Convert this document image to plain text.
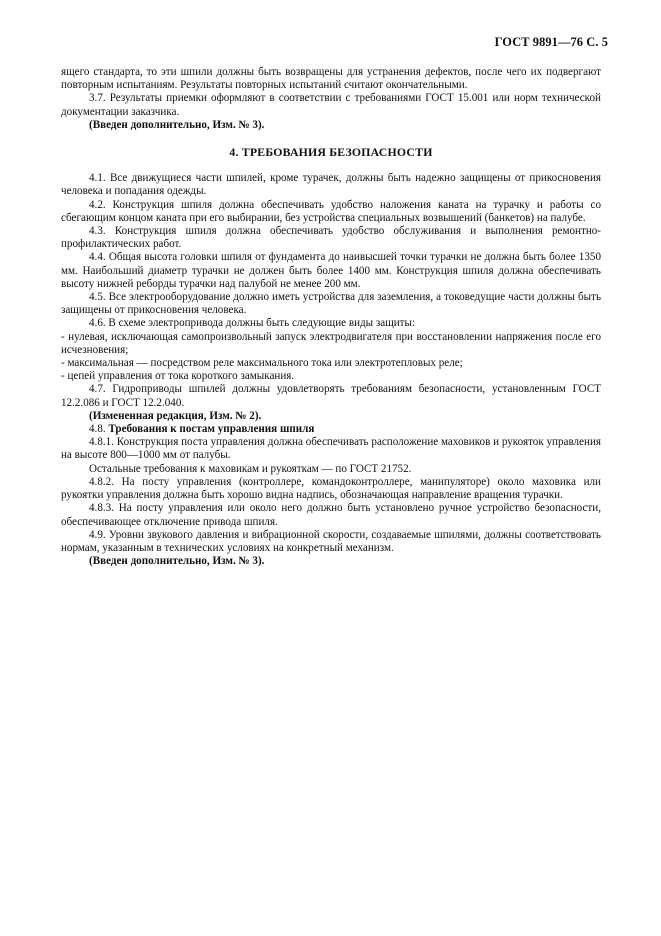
ГОСТ 9891—76 С. 5

ящего стандарта, то эти шпили должны быть возвращены для устранения дефектов, после чего их подвергают повторным испытаниям. Результаты повторных испытаний считают окончательными.

3.7. Результаты приемки оформляют в соответствии с требованиями ГОСТ 15.001 или норм технической документации заказчика.

(Введен дополнительно, Изм. № 3).

4. ТРЕБОВАНИЯ БЕЗОПАСНОСТИ

4.1. Все движущиеся части шпилей, кроме турачек, должны быть надежно защищены от прикосновения человека и попадания одежды.

4.2. Конструкция шпиля должна обеспечивать удобство наложения каната на турачку и работы со сбегающим концом каната при его выбирании, без устройства специальных возвышений (банкетов) на палубе.

4.3. Конструкция шпиля должна обеспечивать удобство обслуживания и выполнения ремонтно-профилактических работ.

4.4. Общая высота головки шпиля от фундамента до наивысшей точки турачки не должна быть более 1350 мм. Наибольший диаметр турачки не должен быть более 1400 мм. Конструкция шпиля должна обеспечивать высоту нижней реборды турачки над палубой не менее 200 мм.

4.5. Все электрооборудование должно иметь устройства для заземления, а токоведущие части должны быть защищены от прикосновения человека.

4.6. В схеме электропривода должны быть следующие виды защиты:

- нулевая, исключающая самопроизвольный запуск электродвигателя при восстановлении напряжения после его исчезновения;

- максимальная — посредством реле максимального тока или электротепловых реле;

- цепей управления от тока короткого замыкания.

4.7. Гидроприводы шпилей должны удовлетворять требованиям безопасности, установленным ГОСТ 12.2.086 и ГОСТ 12.2.040.

(Измененная редакция, Изм. № 2).

4.8. Требования к постам управления шпиля

4.8.1. Конструкция поста управления должна обеспечивать расположение маховиков и рукояток управления на высоте 800—1000 мм от палубы.

Остальные требования к маховикам и рукояткам — по ГОСТ 21752.

4.8.2. На посту управления (контроллере, командоконтроллере, манипуляторе) около маховика или рукоятки управления должна быть хорошо видна надпись, обозначающая направление вращения турачки.

4.8.3. На посту управления или около него должно быть установлено ручное устройство безопасности, обеспечивающее отключение привода шпиля.

4.9. Уровни звукового давления и вибрационной скорости, создаваемые шпилями, должны соответствовать нормам, указанным в технических условиях на конкретный механизм.

(Введен дополнительно, Изм. № 3).
